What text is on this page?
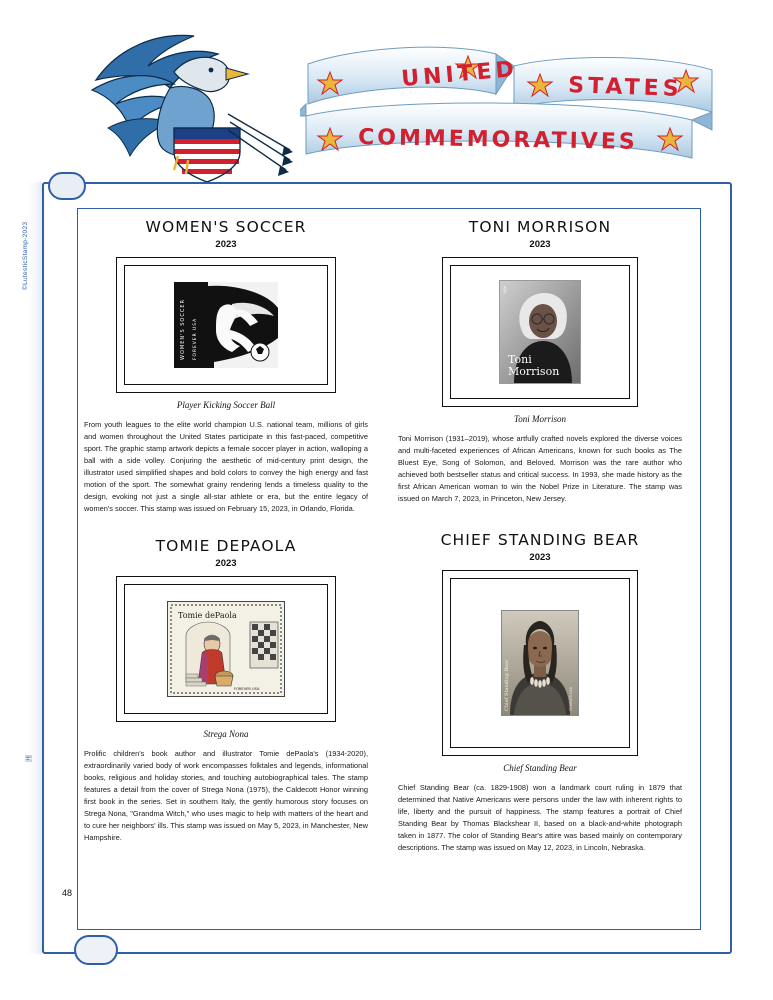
UNITED STATES
COMMEMORATIVES
©LutesticStamp-2023
囲
WOMEN'S SOCCER
2023
WOMEN'S SOCCER FOREVER USA
Player Kicking Soccer Ball
From youth leagues to the elite world champion U.S. national team, millions of girls and women throughout the United States participate in this fast-paced, competitive sport. The graphic stamp artwork depicts a female soccer player in action, walloping a ball with a side volley. Conjuring the aesthetic of mid-century print design, the illustrator used simplified shapes and bold colors to convey the high energy and fast motion of the sport. The somewhat grainy rendering lends a timeless quality to the design, evoking not just a single all-star athlete or era, but the entire legacy of women's soccer. This stamp was issued on February 15, 2023, in Orlando, Florida.
TOMIE DEPAOLA
2023
Tomie dePaola
FOREVER USA
Strega Nona
Prolific children's book author and illustrator Tomie dePaola's (1934-2020), extraordinarily varied body of work encompasses folktales and legends, informational books, religious and holiday stories, and touching autobiographical tales. The stamp features a detail from the cover of Strega Nona (1975), the Caldecott Honor winning first book in the series. Set in southern Italy, the gently humorous story focuses on Strega Nona, "Grandma Witch," who uses magic to help with matters of the heart and to cure her neighbors' ills. This stamp was issued on May 5, 2023, in Manchester, New Hampshire.
TONI MORRISON
2023
Toni
Morrison
USA
Toni Morrison
Toni Morrison (1931–2019), whose artfully crafted novels explored the diverse voices and multi-faceted experiences of African Americans, known for such books as The Bluest Eye, Song of Solomon, and Beloved. Morrison was the rare author who achieved both bestseller status and critical success. In 1993, she made history as the first African American woman to win the Nobel Prize in Literature. The stamp was issued on March 7, 2023, in Princeton, New Jersey.
CHIEF STANDING BEAR
2023
Chief Standing Bear	FOREVER USA
Chief Standing Bear
Chief Standing Bear (ca. 1829-1908) won a landmark court ruling in 1879 that determined that Native Americans were persons under the law with inherent rights to life, liberty and the pursuit of happiness. The stamp features a portrait of Chief Standing Bear by Thomas Blackshear II, based on a black-and-white photograph taken in 1877. The color of Standing Bear's attire was based mainly on contemporary descriptions. The stamp was issued on May 12, 2023, in Lincoln, Nebraska.
48
